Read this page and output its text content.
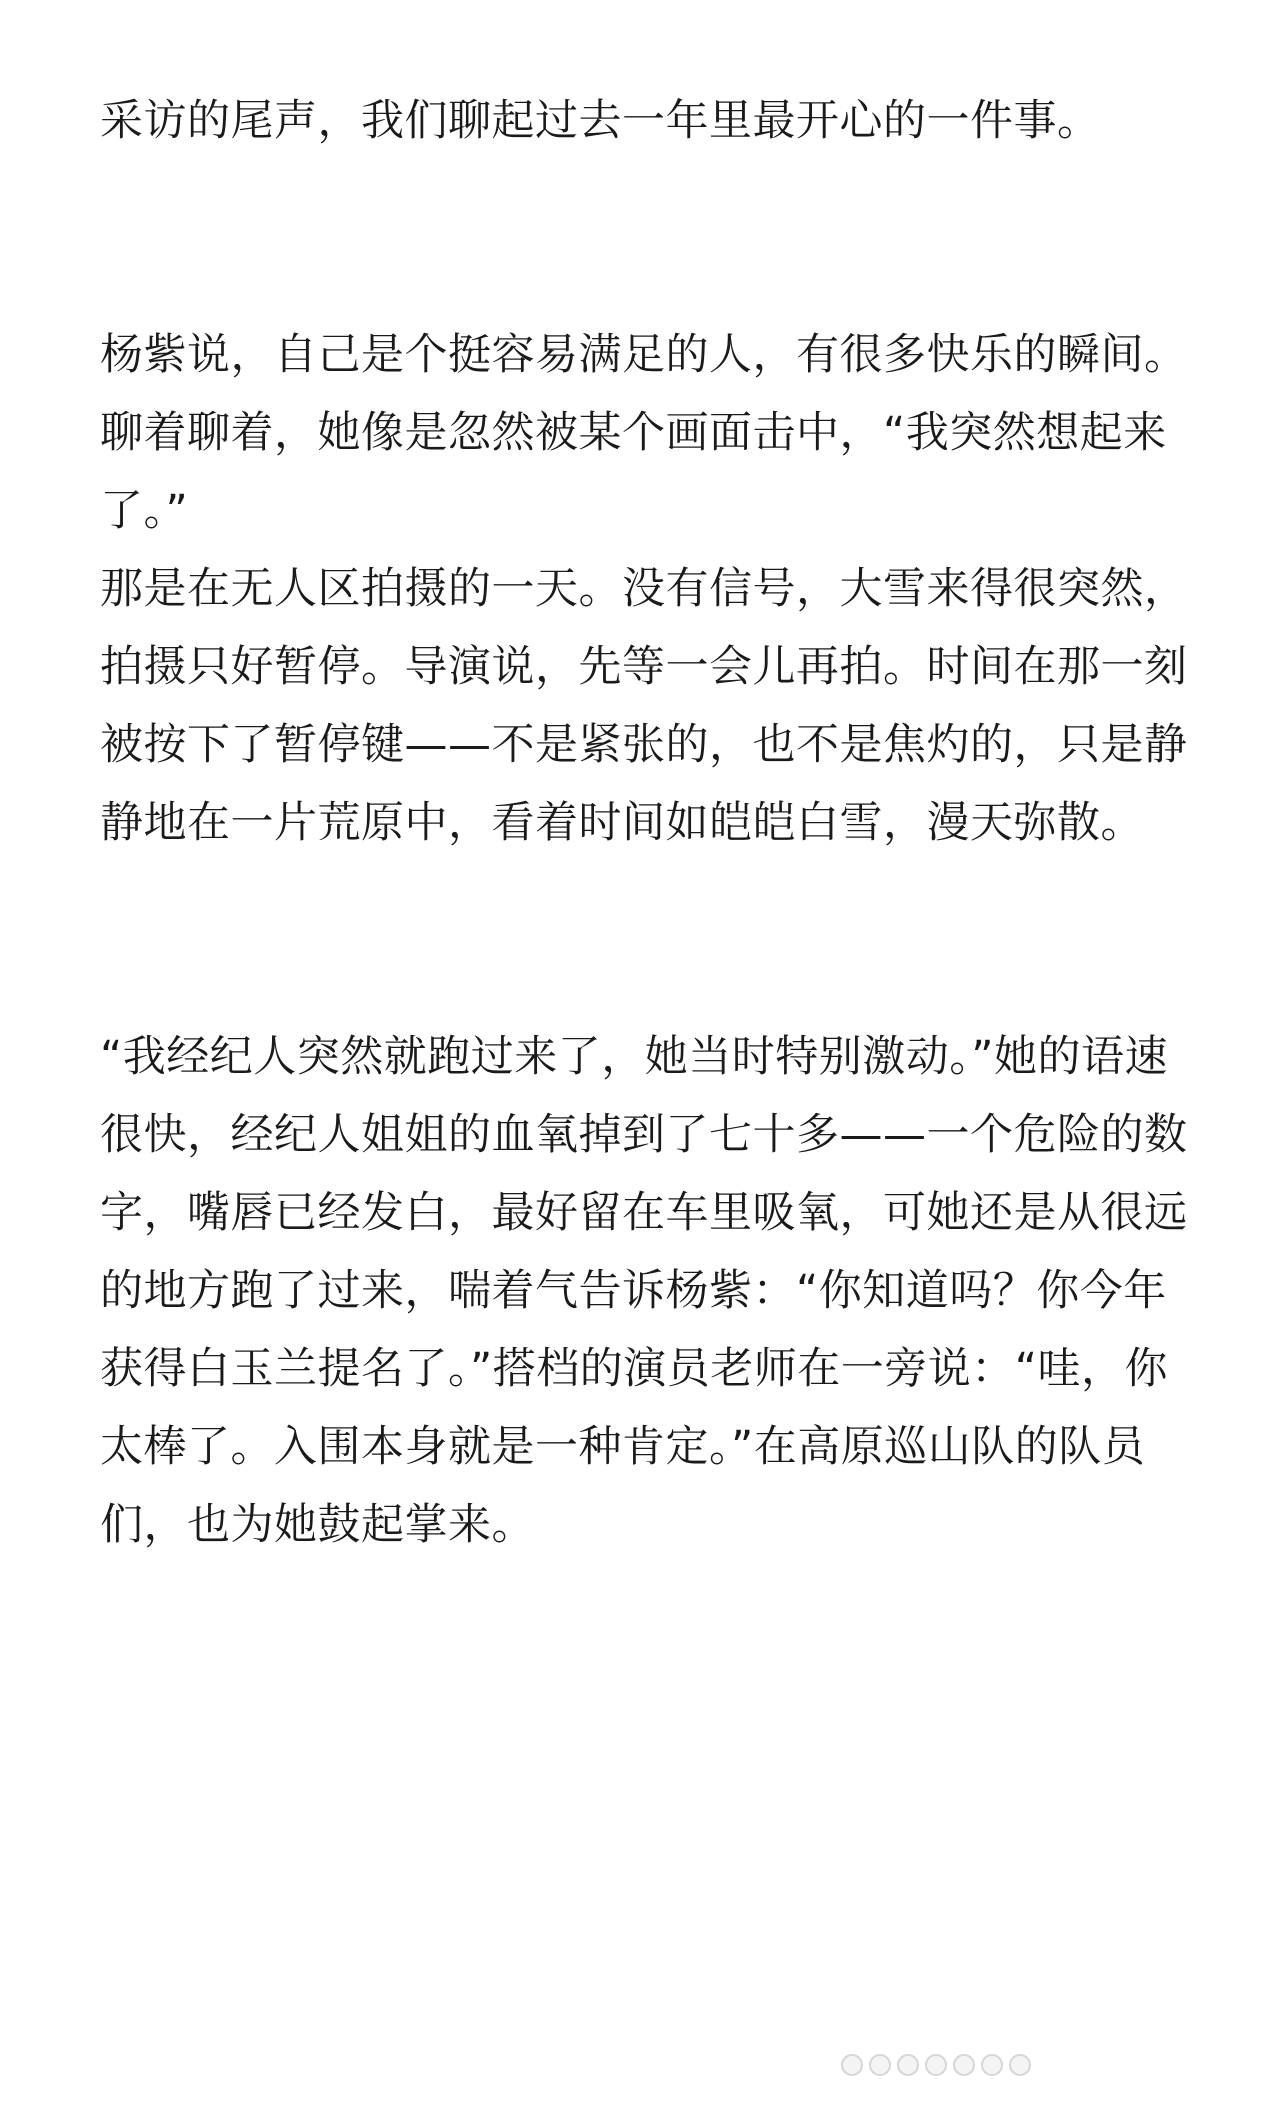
采访的尾声，我们聊起过去一年里最开心的一件事。

杨紫说，自己是个挺容易满足的人，有很多快乐的瞬间。聊着聊着，她像是忽然被某个画面击中，“我突然想起来了。”

那是在无人区拍摄的一天。没有信号，大雪来得很突然，拍摄只好暂停。导演说，先等一会儿再拍。时间在那一刻被按下了暂停键——不是紧张的，也不是焦灼的，只是静静地在一片荒原中，看着时间如皑皑白雪，漫天弥散。

“我经纪人突然就跑过来了，她当时特别激动。”她的语速很快，经纪人姐姐的血氧掉到了七十多——一个危险的数字，嘴唇已经发白，最好留在车里吸氧，可她还是从很远的地方跑了过来，喘着气告诉杨紫：“你知道吗？你今年获得白玉兰提名了。”搭档的演员老师在一旁说：“哇，你太棒了。入围本身就是一种肯定。”在高原巡山队的队员们，也为她鼓起掌来。
